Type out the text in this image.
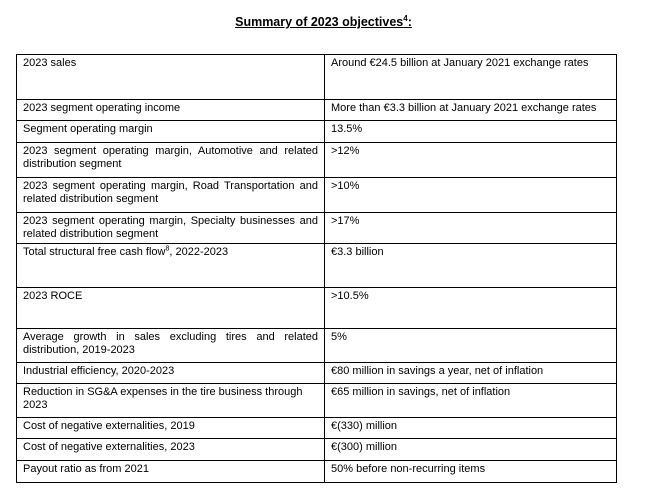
Summary of 2023 objectives$^4$:
2023 sales	Around €24.5 billion at January 2021 exchange rates
2023 segment operating income	More than €3.3 billion at January 2021 exchange rates
Segment operating margin	13.5%
2023 segment operating margin, Automotive and related distribution segment	>12%
2023 segment operating margin, Road Transportation and related distribution segment	>10%
2023 segment operating margin, Specialty businesses and related distribution segment	>17%
Total structural free cash flow$^8$, 2022-2023	€3.3 billion
2023 ROCE	>10.5%
Average growth in sales excluding tires and related distribution, 2019-2023	5%
Industrial efficiency, 2020-2023	€80 million in savings a year, net of inflation
Reduction in SG&A expenses in the tire business through 2023	€65 million in savings, net of inflation
Cost of negative externalities, 2019	€(330) million
Cost of negative externalities, 2023	€(300) million
Payout ratio as from 2021	50% before non-recurring items
